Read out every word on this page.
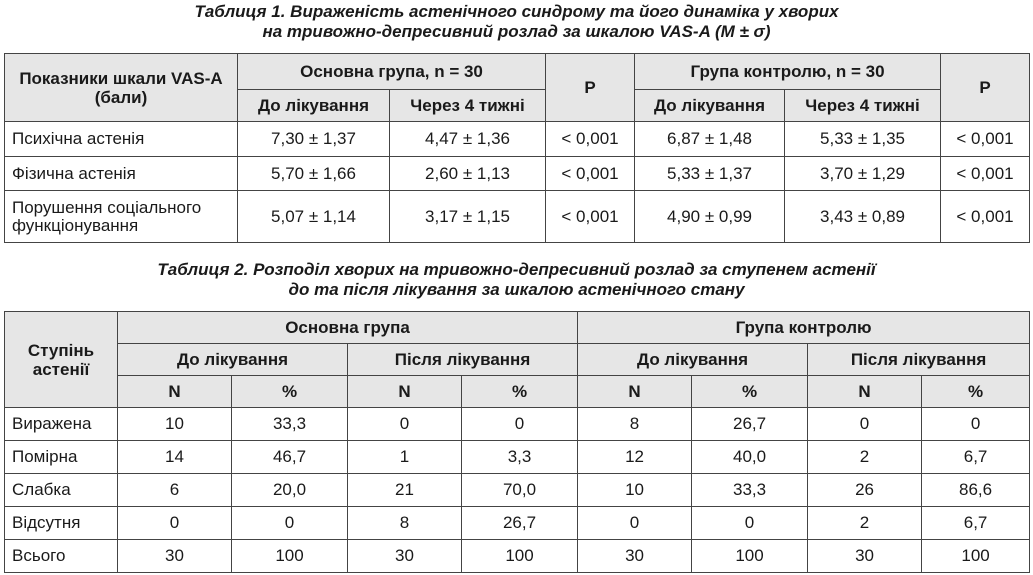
Таблиця 1. Вираженість астенічного синдрому та його динаміка у хворих
на тривожно-депресивний розлад за шкалою VAS-A (M ± σ)
Показники шкали VAS-A (бали)	Основна група, n = 30		P	Група контролю, n = 30		P
	До лікування	Через 4 тижні		До лікування	Через 4 тижні	
Психічна астенія	7,30 ± 1,37	4,47 ± 1,36	< 0,001	6,87 ± 1,48	5,33 ± 1,35	< 0,001
Фізична астенія	5,70 ± 1,66	2,60 ± 1,13	< 0,001	5,33 ± 1,37	3,70 ± 1,29	< 0,001
Порушення соціального функціонування	5,07 ± 1,14	3,17 ± 1,15	< 0,001	4,90 ± 0,99	3,43 ± 0,89	< 0,001
Таблиця 2. Розподіл хворих на тривожно-депресивний розлад за ступенем астенії
до та після лікування за шкалою астенічного стану
Ступінь астенії	Основна група				Група контролю			
	До лікування		Після лікування		До лікування		Після лікування	
	N	%	N	%	N	%	N	%
Виражена	10	33,3	0	0	8	26,7	0	0
Помірна	14	46,7	1	3,3	12	40,0	2	6,7
Слабка	6	20,0	21	70,0	10	33,3	26	86,6
Відсутня	0	0	8	26,7	0	0	2	6,7
Всього	30	100	30	100	30	100	30	100
